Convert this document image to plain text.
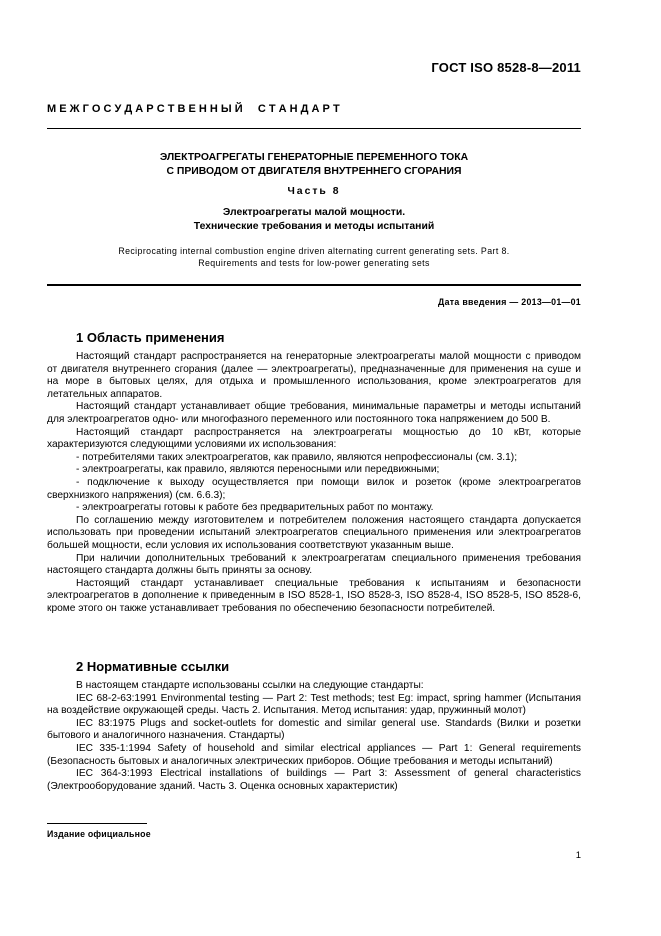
ГОСТ ISO 8528-8—2011
М Е Ж Г О С У Д А Р С Т В Е Н Н Ы Й     С Т А Н Д А Р Т
ЭЛЕКТРОАГРЕГАТЫ ГЕНЕРАТОРНЫЕ ПЕРЕМЕННОГО ТОКА
С ПРИВОДОМ ОТ ДВИГАТЕЛЯ ВНУТРЕННЕГО СГОРАНИЯ
Часть 8
Электроагрегаты малой мощности.
Технические требования и методы испытаний
Reciprocating internal combustion engine driven alternating current generating sets. Part 8.
Requirements and tests for low-power generating sets
Дата введения — 2013—01—01
1 Область применения

Настоящий стандарт распространяется на генераторные электроагрегаты малой мощности с приводом от двигателя внутреннего сгорания (далее — электроагрегаты), предназначенные для применения на суше и на море в бытовых целях, для отдыха и промышленного использования, кроме электроагрегатов для летательных аппаратов.

Настоящий стандарт устанавливает общие требования, минимальные параметры и методы испытаний для электроагрегатов одно- или многофазного переменного или постоянного тока напряжением до 500 В.

Настоящий стандарт распространяется на электроагрегаты мощностью до 10 кВт, которые характеризуются следующими условиями их использования:

- потребителями таких электроагрегатов, как правило, являются непрофессионалы (см. 3.1);

- электроагрегаты, как правило, являются переносными или передвижными;

- подключение к выходу осуществляется при помощи вилок и розеток (кроме электроагрегатов сверхнизкого напряжения) (см. 6.6.3);

- электроагрегаты готовы к работе без предварительных работ по монтажу.

По соглашению между изготовителем и потребителем положения настоящего стандарта допускается использовать при проведении испытаний электроагрегатов специального применения или электроагрегатов большей мощности, если условия их использования соответствуют указанным выше.

При наличии дополнительных требований к электроагрегатам специального применения требования настоящего стандарта должны быть приняты за основу.

Настоящий стандарт устанавливает специальные требования к испытаниям и безопасности электроагрегатов в дополнение к приведенным в ISO 8528-1, ISO 8528-3, ISO 8528-4, ISO 8528-5, ISO 8528-6, кроме этого он также устанавливает требования по обеспечению безопасности потребителей.

2 Нормативные ссылки

В настоящем стандарте использованы ссылки на следующие стандарты:

IEC 68-2-63:1991 Environmental testing — Part 2: Test methods; test Eg: impact, spring hammer (Испытания на воздействие окружающей среды. Часть 2. Испытания. Метод испытания: удар, пружинный молот)

IEC 83:1975 Plugs and socket-outlets for domestic and similar general use. Standards (Вилки и розетки бытового и аналогичного назначения. Стандарты)

IEC 335-1:1994 Safety of household and similar electrical appliances — Part 1: General requirements (Безопасность бытовых и аналогичных электрических приборов. Общие требования и методы испытаний)

IEC 364-3:1993 Electrical installations of buildings — Part 3: Assessment of general characteristics (Электрооборудование зданий. Часть 3. Оценка основных характеристик)

Издание официальное
1
